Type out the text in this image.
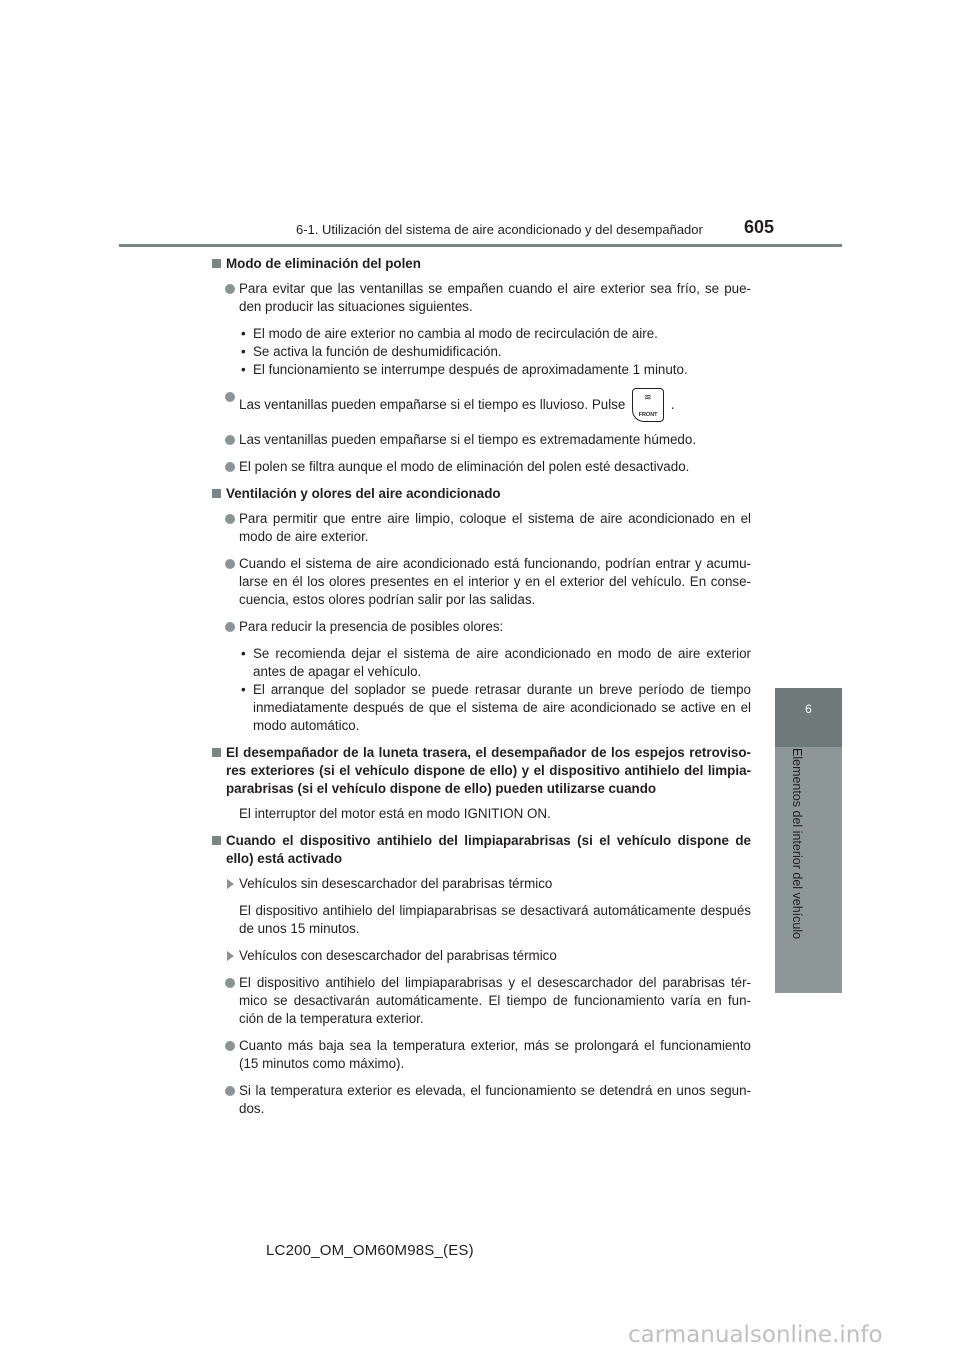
6-1. Utilización del sistema de aire acondicionado y del desempañador 605
6
Elementos del interior del vehículo
Modo de eliminación del polen
Para evitar que las ventanillas se empañen cuando el aire exterior sea frío, se pue-den producir las situaciones siguientes.
• El modo de aire exterior no cambia al modo de recirculación de aire.
• Se activa la función de deshumidificación.
• El funcionamiento se interrumpe después de aproximadamente 1 minuto.
Las ventanillas pueden empañarse si el tiempo es lluvioso. Pulse ≋
FRONT
.
Las ventanillas pueden empañarse si el tiempo es extremadamente húmedo.
El polen se filtra aunque el modo de eliminación del polen esté desactivado.
Ventilación y olores del aire acondicionado
Para permitir que entre aire limpio, coloque el sistema de aire acondicionado en el modo de aire exterior.
Cuando el sistema de aire acondicionado está funcionando, podrían entrar y acumu-larse en él los olores presentes en el interior y en el exterior del vehículo. En conse-cuencia, estos olores podrían salir por las salidas.
Para reducir la presencia de posibles olores:
• Se recomienda dejar el sistema de aire acondicionado en modo de aire exterior antes de apagar el vehículo.
• El arranque del soplador se puede retrasar durante un breve período de tiempo inmediatamente después de que el sistema de aire acondicionado se active en el modo automático.
El desempañador de la luneta trasera, el desempañador de los espejos retroviso-res exteriores (si el vehículo dispone de ello) y el dispositivo antihielo del limpia-parabrisas (si el vehículo dispone de ello) pueden utilizarse cuando
El interruptor del motor está en modo IGNITION ON.
Cuando el dispositivo antihielo del limpiaparabrisas (si el vehículo dispone de ello) está activado
Vehículos sin desescarchador del parabrisas térmico
El dispositivo antihielo del limpiaparabrisas se desactivará automáticamente después de unos 15 minutos.
Vehículos con desescarchador del parabrisas térmico
El dispositivo antihielo del limpiaparabrisas y el desescarchador del parabrisas tér-mico se desactivarán automáticamente. El tiempo de funcionamiento varía en fun-ción de la temperatura exterior.
Cuanto más baja sea la temperatura exterior, más se prolongará el funcionamiento (15 minutos como máximo).
Si la temperatura exterior es elevada, el funcionamiento se detendrá en unos segun-dos.
LC200_OM_OM60M98S_(ES)
carmanualsonline.info
